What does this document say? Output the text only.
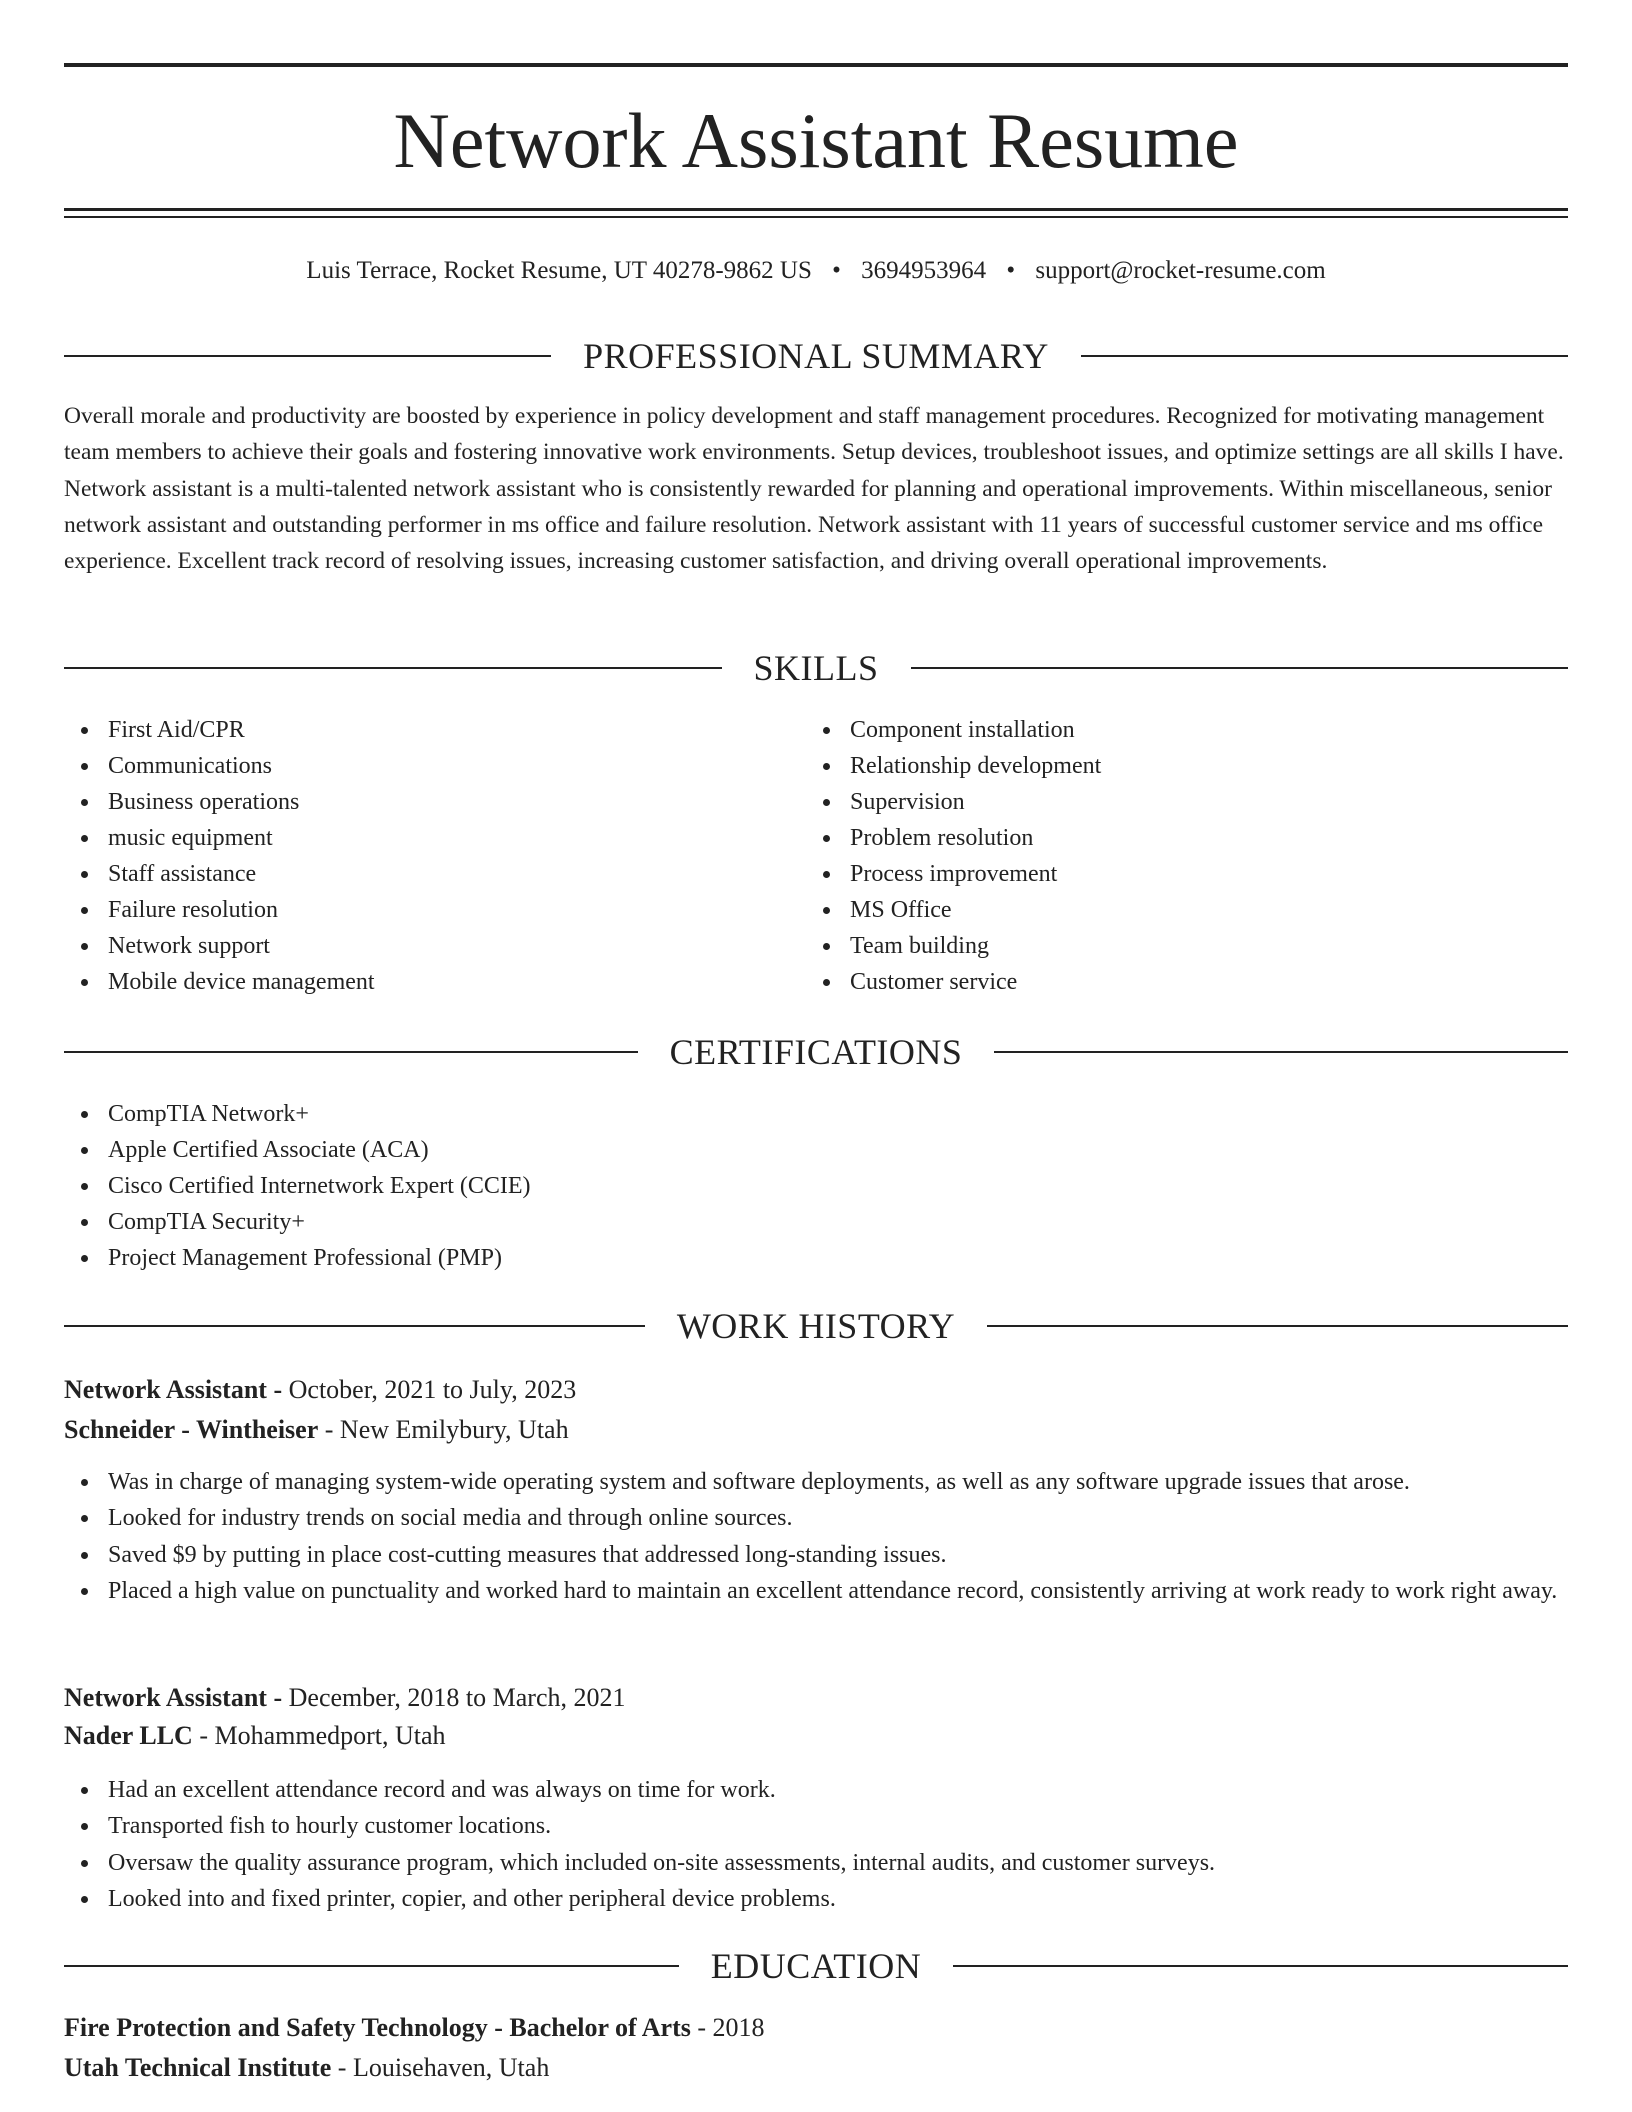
Network Assistant Resume
Luis Terrace, Rocket Resume, UT 40278-9862 US • 3694953964 • support@rocket-resume.com
PROFESSIONAL SUMMARY

Overall morale and productivity are boosted by experience in policy development and staff management procedures. Recognized for motivating management team members to achieve their goals and fostering innovative work environments. Setup devices, troubleshoot issues, and optimize settings are all skills I have. Network assistant is a multi-talented network assistant who is consistently rewarded for planning and operational improvements. Within miscellaneous, senior network assistant and outstanding performer in ms office and failure resolution. Network assistant with 11 years of successful customer service and ms office experience. Excellent track record of resolving issues, increasing customer satisfaction, and driving overall operational improvements.

SKILLS
First Aid/CPR
Communications
Business operations
music equipment
Staff assistance
Failure resolution
Network support
Mobile device management
Component installation
Relationship development
Supervision
Problem resolution
Process improvement
MS Office
Team building
Customer service
CERTIFICATIONS
CompTIA Network+
Apple Certified Associate (ACA)
Cisco Certified Internetwork Expert (CCIE)
CompTIA Security+
Project Management Professional (PMP)
WORK HISTORY
Network Assistant - October, 2021 to July, 2023
Schneider - Wintheiser - New Emilybury, Utah
Was in charge of managing system-wide operating system and software deployments, as well as any software upgrade issues that arose.
Looked for industry trends on social media and through online sources.
Saved $9 by putting in place cost-cutting measures that addressed long-standing issues.
Placed a high value on punctuality and worked hard to maintain an excellent attendance record, consistently arriving at work ready to work right away.
Network Assistant - December, 2018 to March, 2021
Nader LLC - Mohammedport, Utah
Had an excellent attendance record and was always on time for work.
Transported fish to hourly customer locations.
Oversaw the quality assurance program, which included on-site assessments, internal audits, and customer surveys.
Looked into and fixed printer, copier, and other peripheral device problems.
EDUCATION
Fire Protection and Safety Technology - Bachelor of Arts - 2018
Utah Technical Institute - Louisehaven, Utah
